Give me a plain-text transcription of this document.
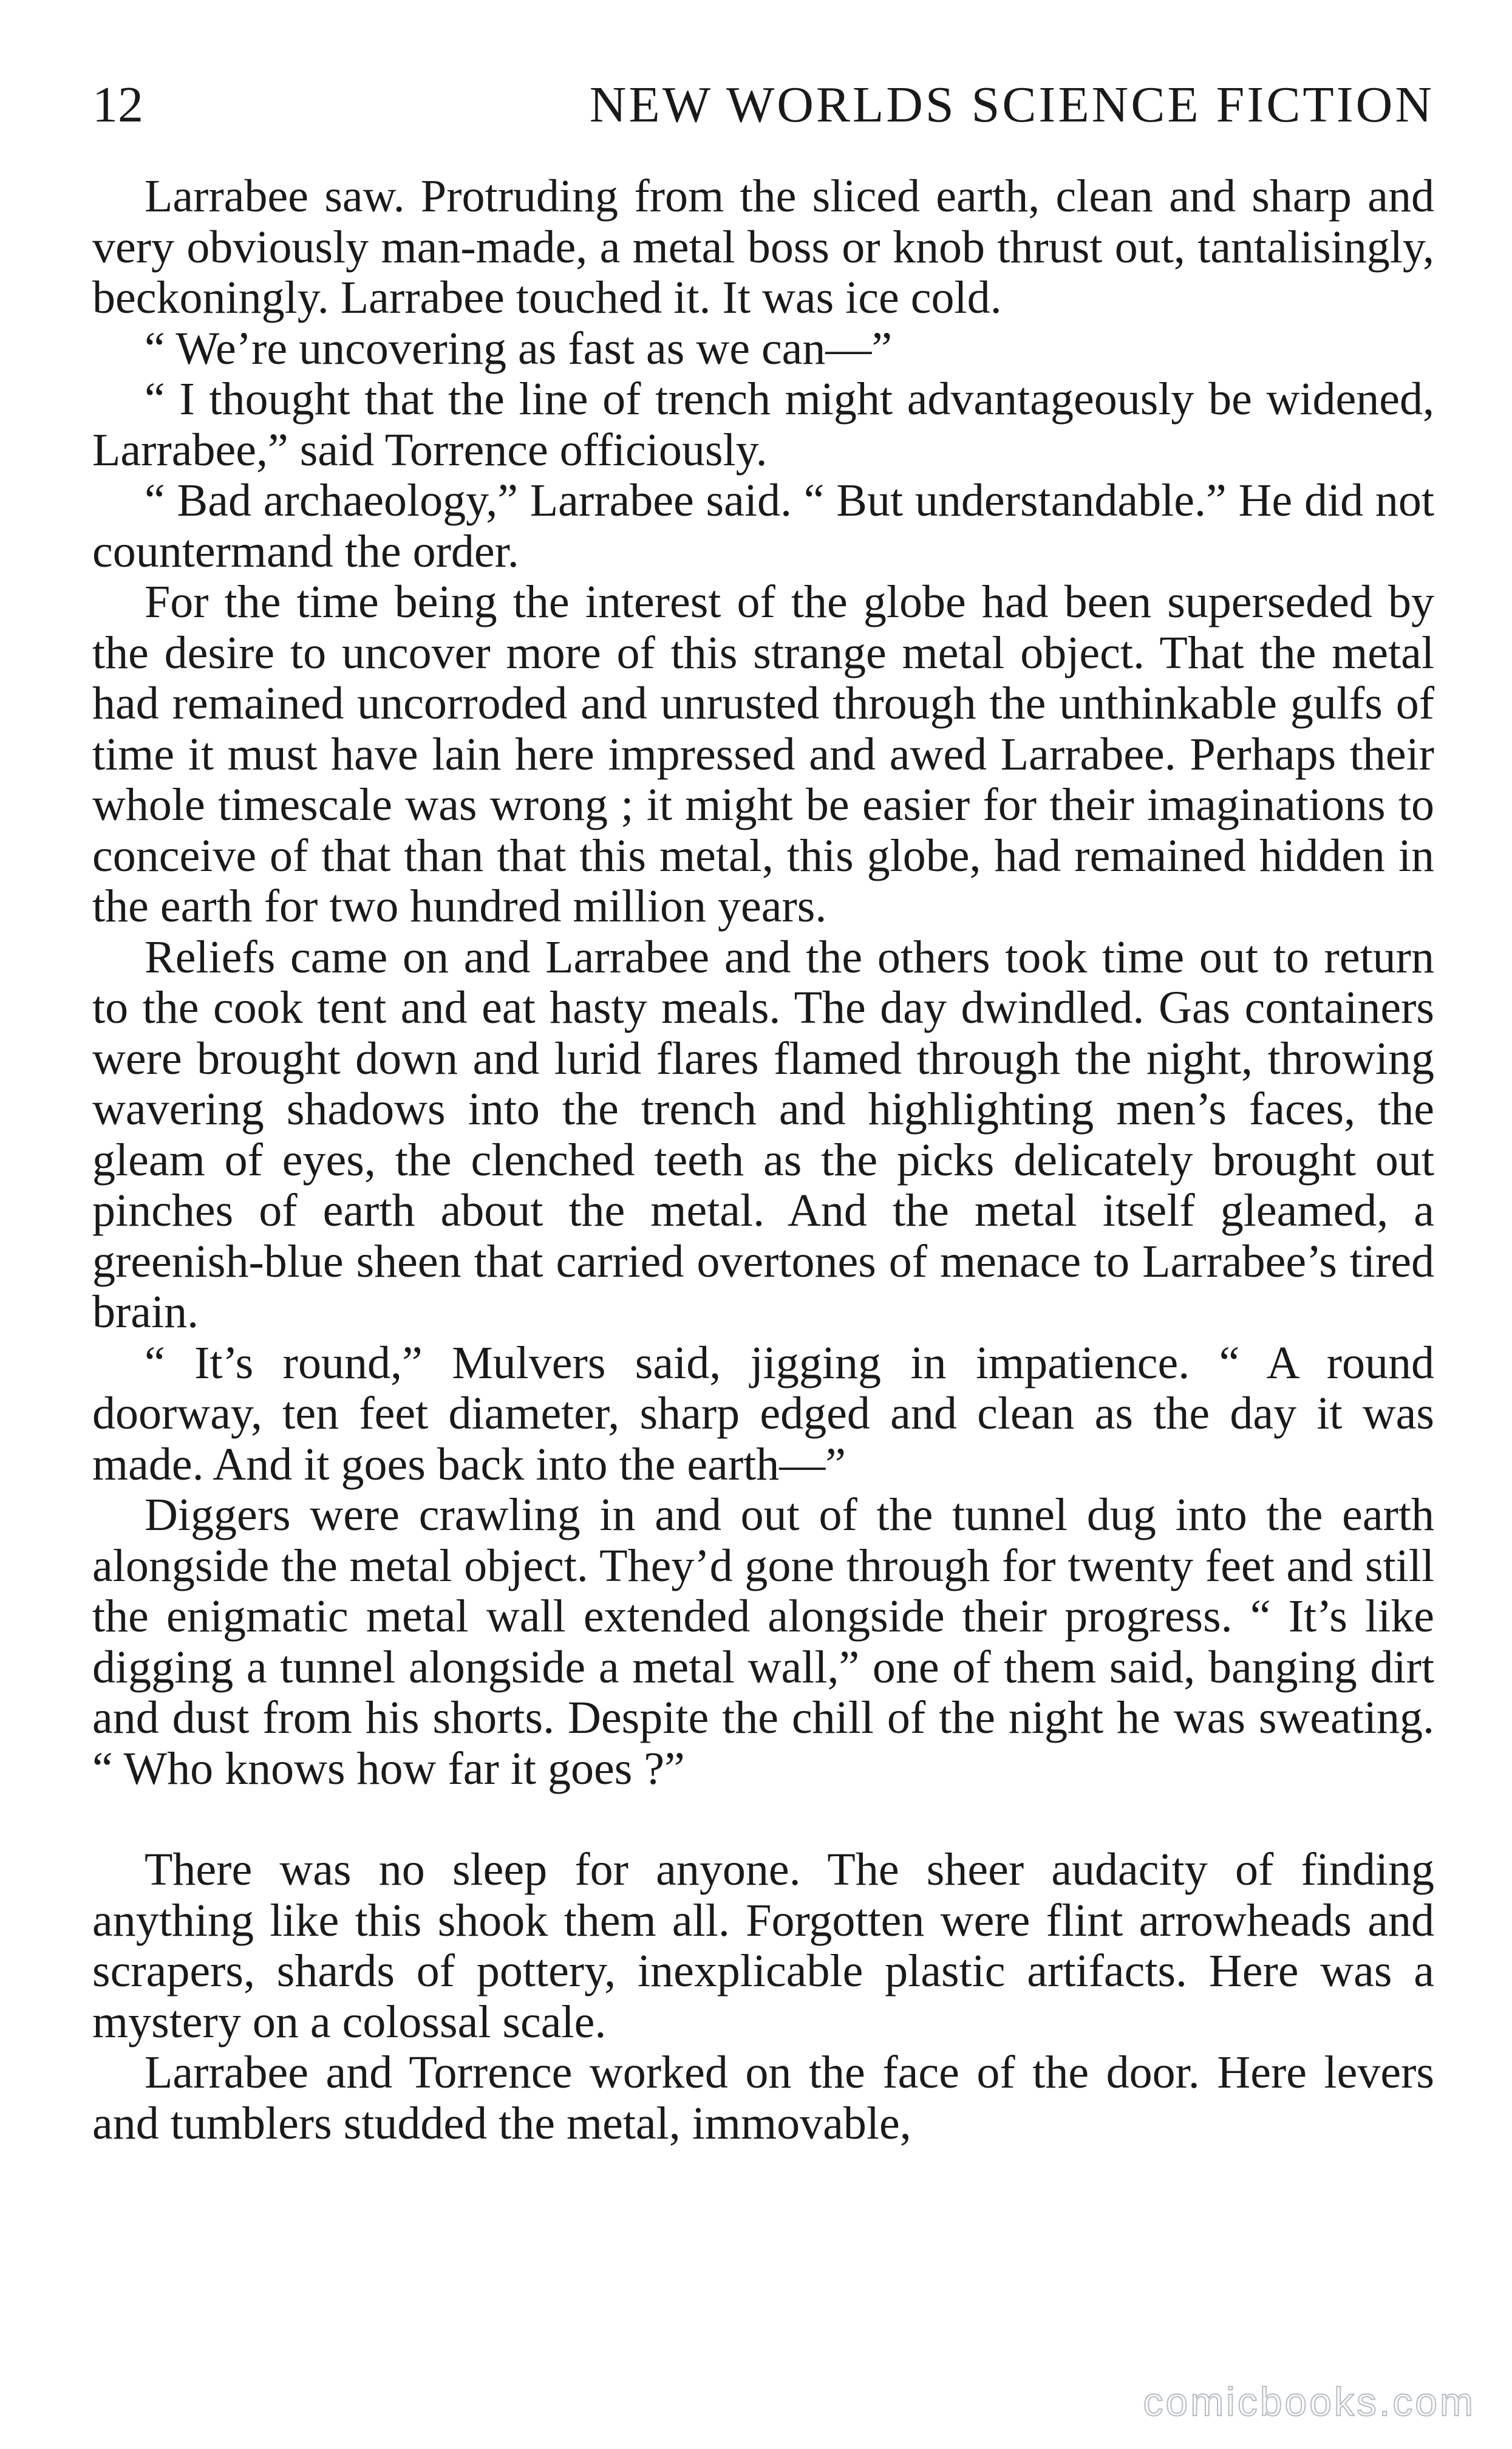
12	NEW WORLDS SCIENCE FICTION

Larrabee saw. Protruding from the sliced earth, clean and sharp and very obviously man-made, a metal boss or knob thrust out, tantalisingly, beckoningly. Larrabee touched it. It was ice cold.

“ We’re uncovering as fast as we can—”

“ I thought that the line of trench might advantageously be widened, Larrabee,” said Torrence officiously.

“ Bad archaeology,” Larrabee said. “ But understandable.” He did not countermand the order.

For the time being the interest of the globe had been superseded by the desire to uncover more of this strange metal object. That the metal had remained uncorroded and unrusted through the unthinkable gulfs of time it must have lain here impressed and awed Larrabee. Perhaps their whole timescale was wrong ; it might be easier for their imaginations to conceive of that than that this metal, this globe, had remained hidden in the earth for two hundred million years.

Reliefs came on and Larrabee and the others took time out to return to the cook tent and eat hasty meals. The day dwindled. Gas containers were brought down and lurid flares flamed through the night, throwing wavering shadows into the trench and highlighting men’s faces, the gleam of eyes, the clenched teeth as the picks delicately brought out pinches of earth about the metal. And the metal itself gleamed, a greenish-blue sheen that carried overtones of menace to Larrabee’s tired brain.

“ It’s round,” Mulvers said, jigging in impatience. “ A round doorway, ten feet diameter, sharp edged and clean as the day it was made. And it goes back into the earth—”

Diggers were crawling in and out of the tunnel dug into the earth alongside the metal object. They’d gone through for twenty feet and still the enigmatic metal wall extended alongside their progress. “ It’s like digging a tunnel alongside a metal wall,” one of them said, banging dirt and dust from his shorts. Despite the chill of the night he was sweating. “ Who knows how far it goes ?”

There was no sleep for anyone. The sheer audacity of finding anything like this shook them all. Forgotten were flint arrowheads and scrapers, shards of pottery, inexplicable plastic artifacts. Here was a mystery on a colossal scale.

Larrabee and Torrence worked on the face of the door. Here levers and tumblers studded the metal, immovable,

comicbooks.com
